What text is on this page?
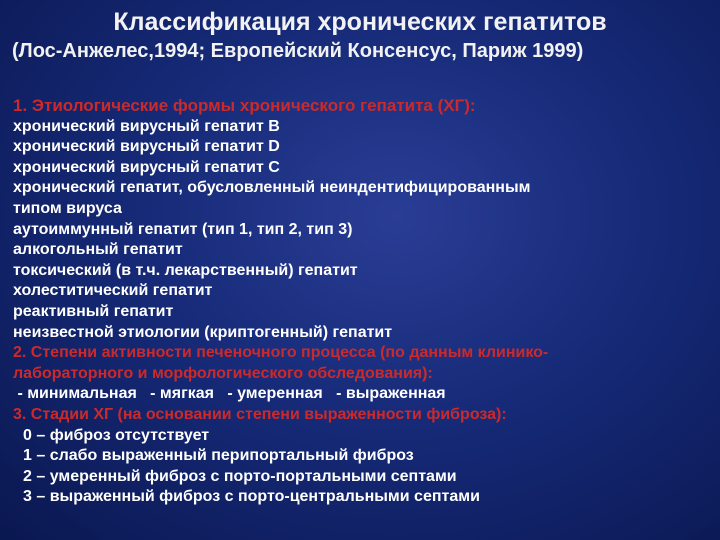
Классификация хронических гепатитов
(Лос-Анжелес,1994; Европейский Консенсус, Париж 1999)
1. Этиологические формы хронического гепатита (ХГ):
хронический вирусный гепатит В
хронический вирусный гепатит D
хронический вирусный гепатит С
хронический гепатит, обусловленный неиндентифицированным
типом вируса
аутоиммунный гепатит (тип 1, тип 2, тип 3)
алкогольный гепатит
токсический (в т.ч. лекарственный) гепатит
холеститический гепатит
реактивный гепатит
неизвестной этиологии (криптогенный) гепатит
2. Степени активности печеночного процесса (по данным клинико-
лабораторного и морфологического обследования):
- минимальная   - мягкая   - умеренная   - выраженная
3. Стадии ХГ (на основании степени выраженности фиброза):
0 – фиброз отсутствует
1 – слабо выраженный перипортальный фиброз
2 – умеренный фиброз с порто-портальными септами
3 – выраженный фиброз с порто-центральными септами
